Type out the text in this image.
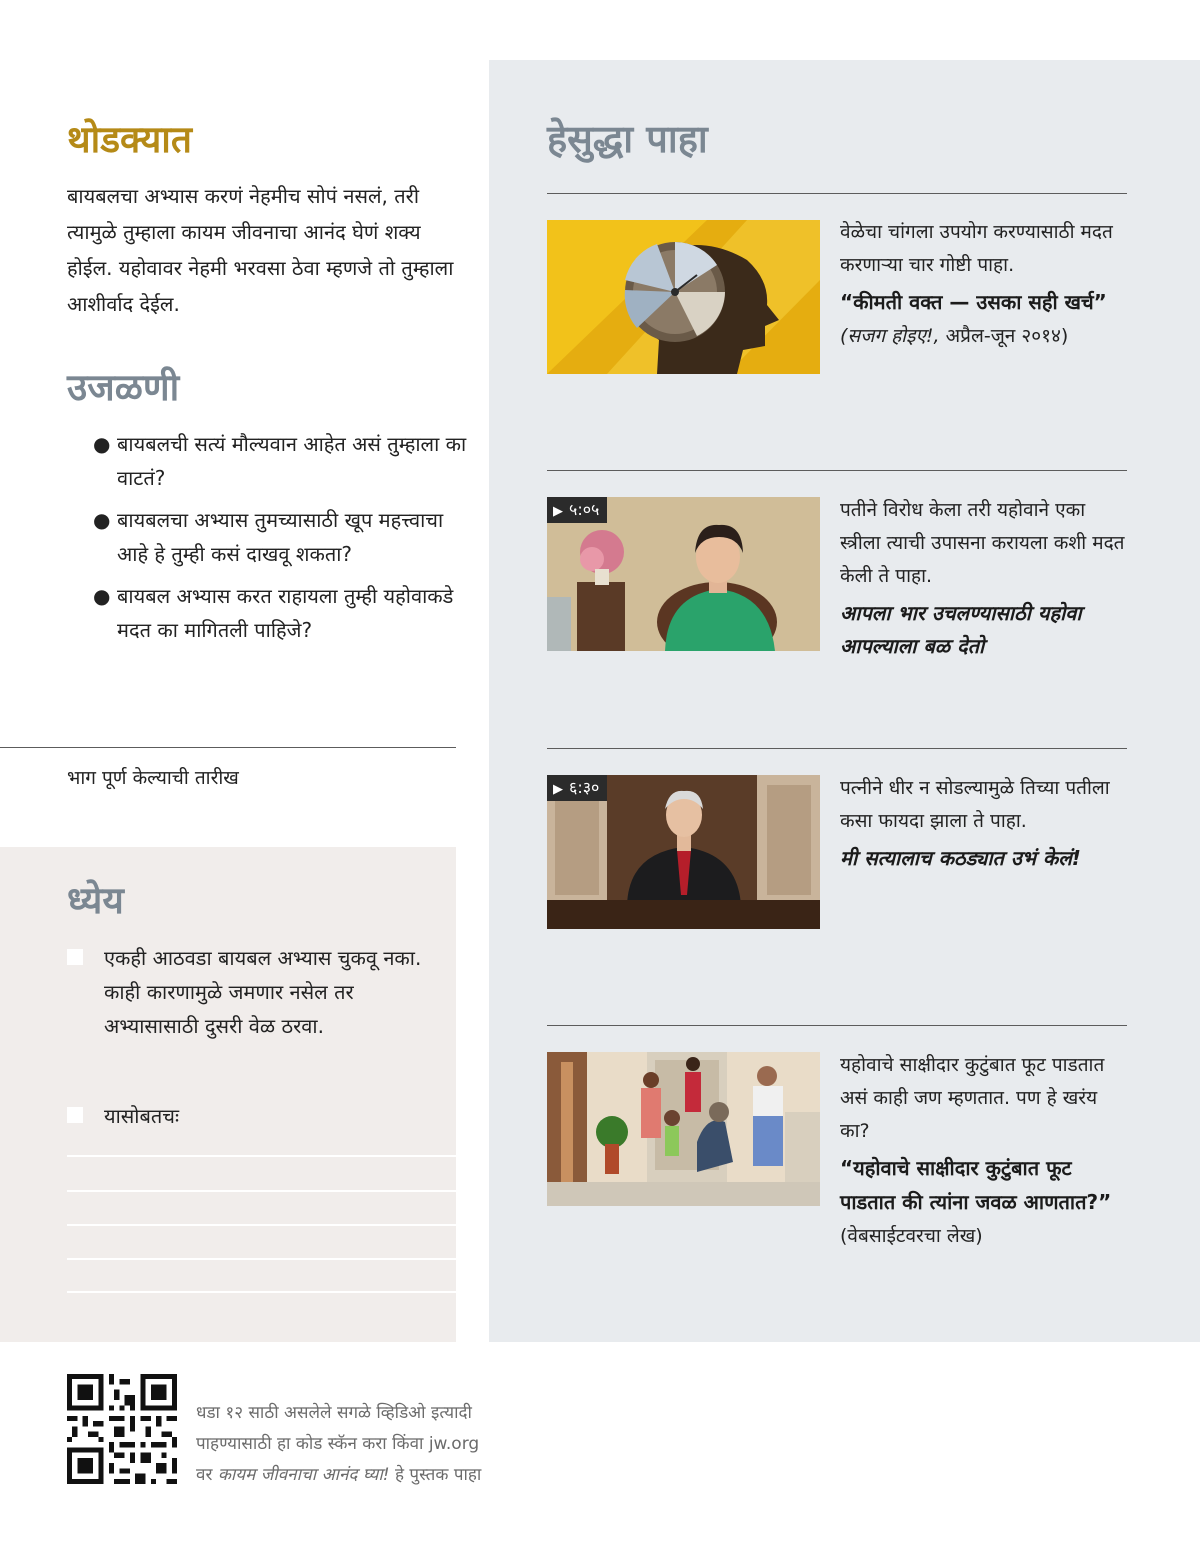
हेसुद्धा पाहा
वेळेचा चांगला उपयोग करण्यासाठी मदत करणाऱ्या चार गोष्टी पाहा.
“कीमती वक्त — उसका सही खर्च” (सजग होइए!, अप्रैल-जून २०१४)
▶ ५:०५	पतीने विरोध केला तरी यहोवाने एका स्त्रीला त्याची उपासना करायला कशी मदत केली ते पाहा.
आपला भार उचलण्यासाठी यहोवा आपल्याला बळ देतो
▶ ६:३०	पत्नीने धीर न सोडल्यामुळे तिच्या पतीला कसा फायदा झाला ते पाहा.
मी सत्यालाच कठड्यात उभं केलं!
यहोवाचे साक्षीदार कुटुंबात फूट पाडतात असं काही जण म्हणतात. पण हे खरंय का?
“यहोवाचे साक्षीदार कुटुंबात फूट पाडतात की त्यांना जवळ आणतात?” (वेबसाईटवरचा लेख)
थोडक्यात
बायबलचा अभ्यास करणं नेहमीच सोपं नसलं, तरी त्यामुळे तुम्हाला कायम जीवनाचा आनंद घेणं शक्य होईल. यहोवावर नेहमी भरवसा ठेवा म्हणजे तो तुम्हाला आशीर्वाद देईल.
उजळणी
● बायबलची सत्यं मौल्यवान आहेत असं तुम्हाला का वाटतं?
● बायबलचा अभ्यास तुमच्यासाठी खूप महत्त्वाचा आहे हे तुम्ही कसं दाखवू शकता?
● बायबल अभ्यास करत राहायला तुम्ही यहोवाकडे मदत का मागितली पाहिजे?
भाग पूर्ण केल्याची तारीख
ध्येय
एकही आठवडा बायबल अभ्यास चुकवू नका. काही कारणामुळे जमणार नसेल तर अभ्यासासाठी दुसरी वेळ ठरवा.
यासोबतचः
धडा १२ साठी असलेले सगळे व्हिडिओ इत्यादी
पाहण्यासाठी हा कोड स्कॅन करा किंवा jw.org
वर कायम जीवनाचा आनंद घ्या! हे पुस्तक पाहा
